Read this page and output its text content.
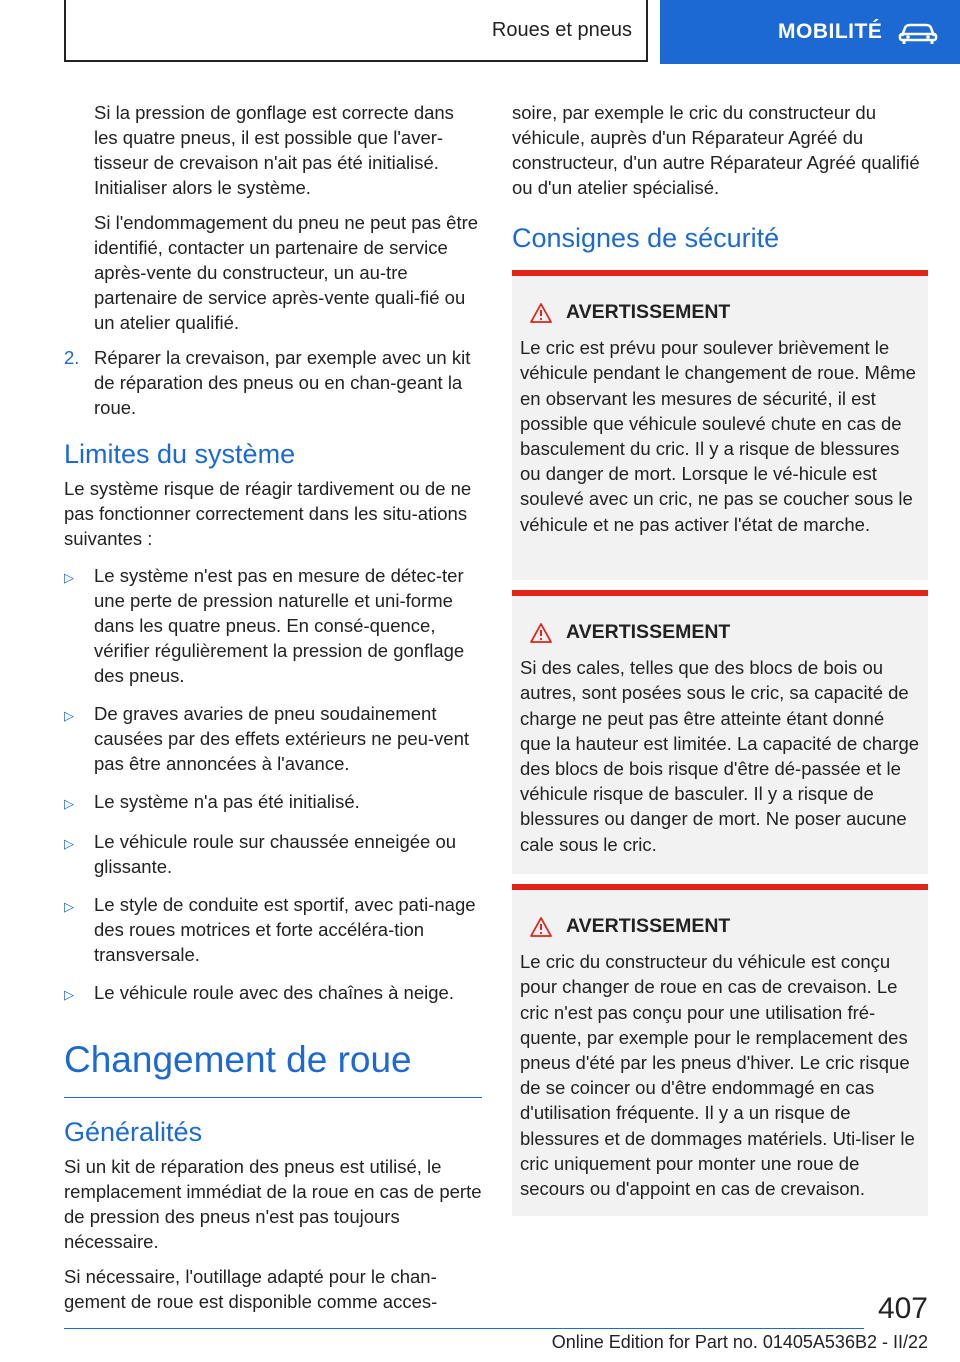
Roues et pneus	MOBILITÉ

Si la pression de gonflage est correcte dans les quatre pneus, il est possible que l'aver-tisseur de crevaison n'ait pas été initialisé. Initialiser alors le système.

Si l'endommagement du pneu ne peut pas être identifié, contacter un partenaire de service après-vente du constructeur, un au-tre partenaire de service après-vente quali-fié ou un atelier qualifié.

2. Réparer la crevaison, par exemple avec un kit de réparation des pneus ou en chan-geant la roue.
Limites du système

Le système risque de réagir tardivement ou de ne pas fonctionner correctement dans les situ-ations suivantes :

▷	Le système n'est pas en mesure de détec-ter une perte de pression naturelle et uni-forme dans les quatre pneus. En consé-quence, vérifier régulièrement la pression de gonflage des pneus.
▷	De graves avaries de pneu soudainement causées par des effets extérieurs ne peu-vent pas être annoncées à l'avance.
▷	Le système n'a pas été initialisé.
▷	Le véhicule roule sur chaussée enneigée ou glissante.
▷	Le style de conduite est sportif, avec pati-nage des roues motrices et forte accéléra-tion transversale.
▷	Le véhicule roule avec des chaînes à neige.
Changement de roue
Généralités

Si un kit de réparation des pneus est utilisé, le remplacement immédiat de la roue en cas de perte de pression des pneus n'est pas toujours nécessaire.

Si nécessaire, l'outillage adapté pour le chan-gement de roue est disponible comme acces-

soire, par exemple le cric du constructeur du véhicule, auprès d'un Réparateur Agréé du constructeur, d'un autre Réparateur Agréé qualifié ou d'un atelier spécialisé.

Consignes de sécurité
AVERTISSEMENT
Le cric est prévu pour soulever brièvement le véhicule pendant le changement de roue. Même en observant les mesures de sécurité, il est possible que véhicule soulevé chute en cas de basculement du cric. Il y a risque de blessures ou danger de mort. Lorsque le vé-hicule est soulevé avec un cric, ne pas se coucher sous le véhicule et ne pas activer l'état de marche.
AVERTISSEMENT
Si des cales, telles que des blocs de bois ou autres, sont posées sous le cric, sa capacité de charge ne peut pas être atteinte étant donné que la hauteur est limitée. La capacité de charge des blocs de bois risque d'être dé-passée et le véhicule risque de basculer. Il y a risque de blessures ou danger de mort. Ne poser aucune cale sous le cric.
AVERTISSEMENT
Le cric du constructeur du véhicule est conçu pour changer de roue en cas de crevaison. Le cric n'est pas conçu pour une utilisation fré-quente, par exemple pour le remplacement des pneus d'été par les pneus d'hiver. Le cric risque de se coincer ou d'être endommagé en cas d'utilisation fréquente. Il y a un risque de blessures et de dommages matériels. Uti-liser le cric uniquement pour monter une roue de secours ou d'appoint en cas de crevaison.
407
Online Edition for Part no. 01405A536B2 - II/22
